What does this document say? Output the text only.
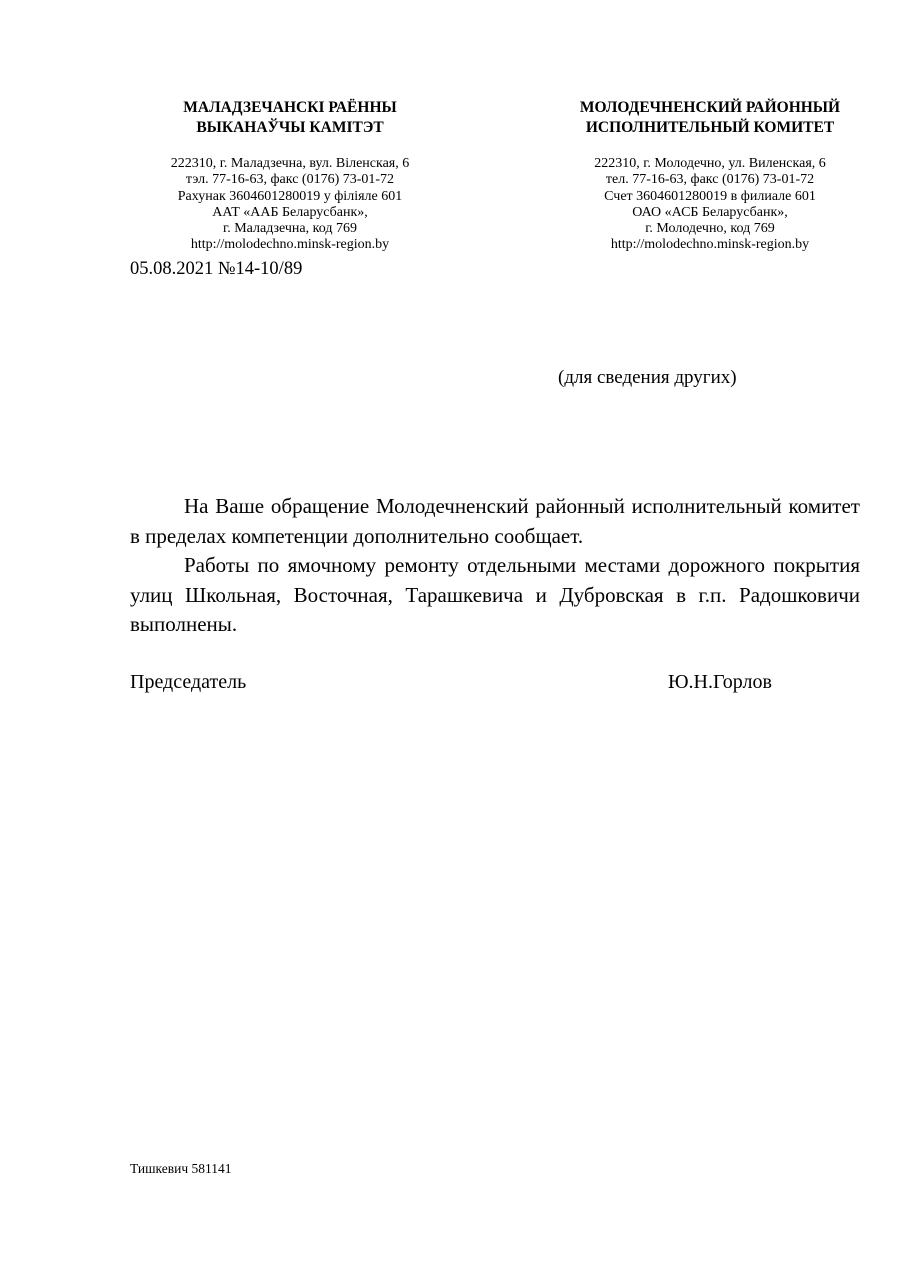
МАЛАДЗЕЧАНСКІ РАЁННЫ
ВЫКАНАЎЧЫ КАМІТЭТ
222310, г. Маладзечна, вул. Віленская, 6
тэл. 77-16-63, факс (0176) 73-01-72
Рахунак 3604601280019 у філіяле 601
ААТ «ААБ Беларусбанк»,
г. Маладзечна, код 769
http://molodechno.minsk-region.by
МОЛОДЕЧНЕНСКИЙ РАЙОННЫЙ
ИСПОЛНИТЕЛЬНЫЙ КОМИТЕТ
222310, г. Молодечно, ул. Виленская, 6
тел. 77-16-63, факс (0176) 73-01-72
Счет 3604601280019 в филиале 601
ОАО «АСБ Беларусбанк»,
г. Молодечно, код 769
http://molodechno.minsk-region.by
05.08.2021 №14-10/89
(для сведения других)

На Ваше обращение Молодечненский районный исполнительный комитет в пределах компетенции дополнительно сообщает.

Работы по ямочному ремонту отдельными местами дорожного покрытия улиц Школьная, Восточная, Тарашкевича и Дубровская в г.п. Радошковичи выполнены.

Председатель	Ю.Н.Горлов
Тишкевич 581141
